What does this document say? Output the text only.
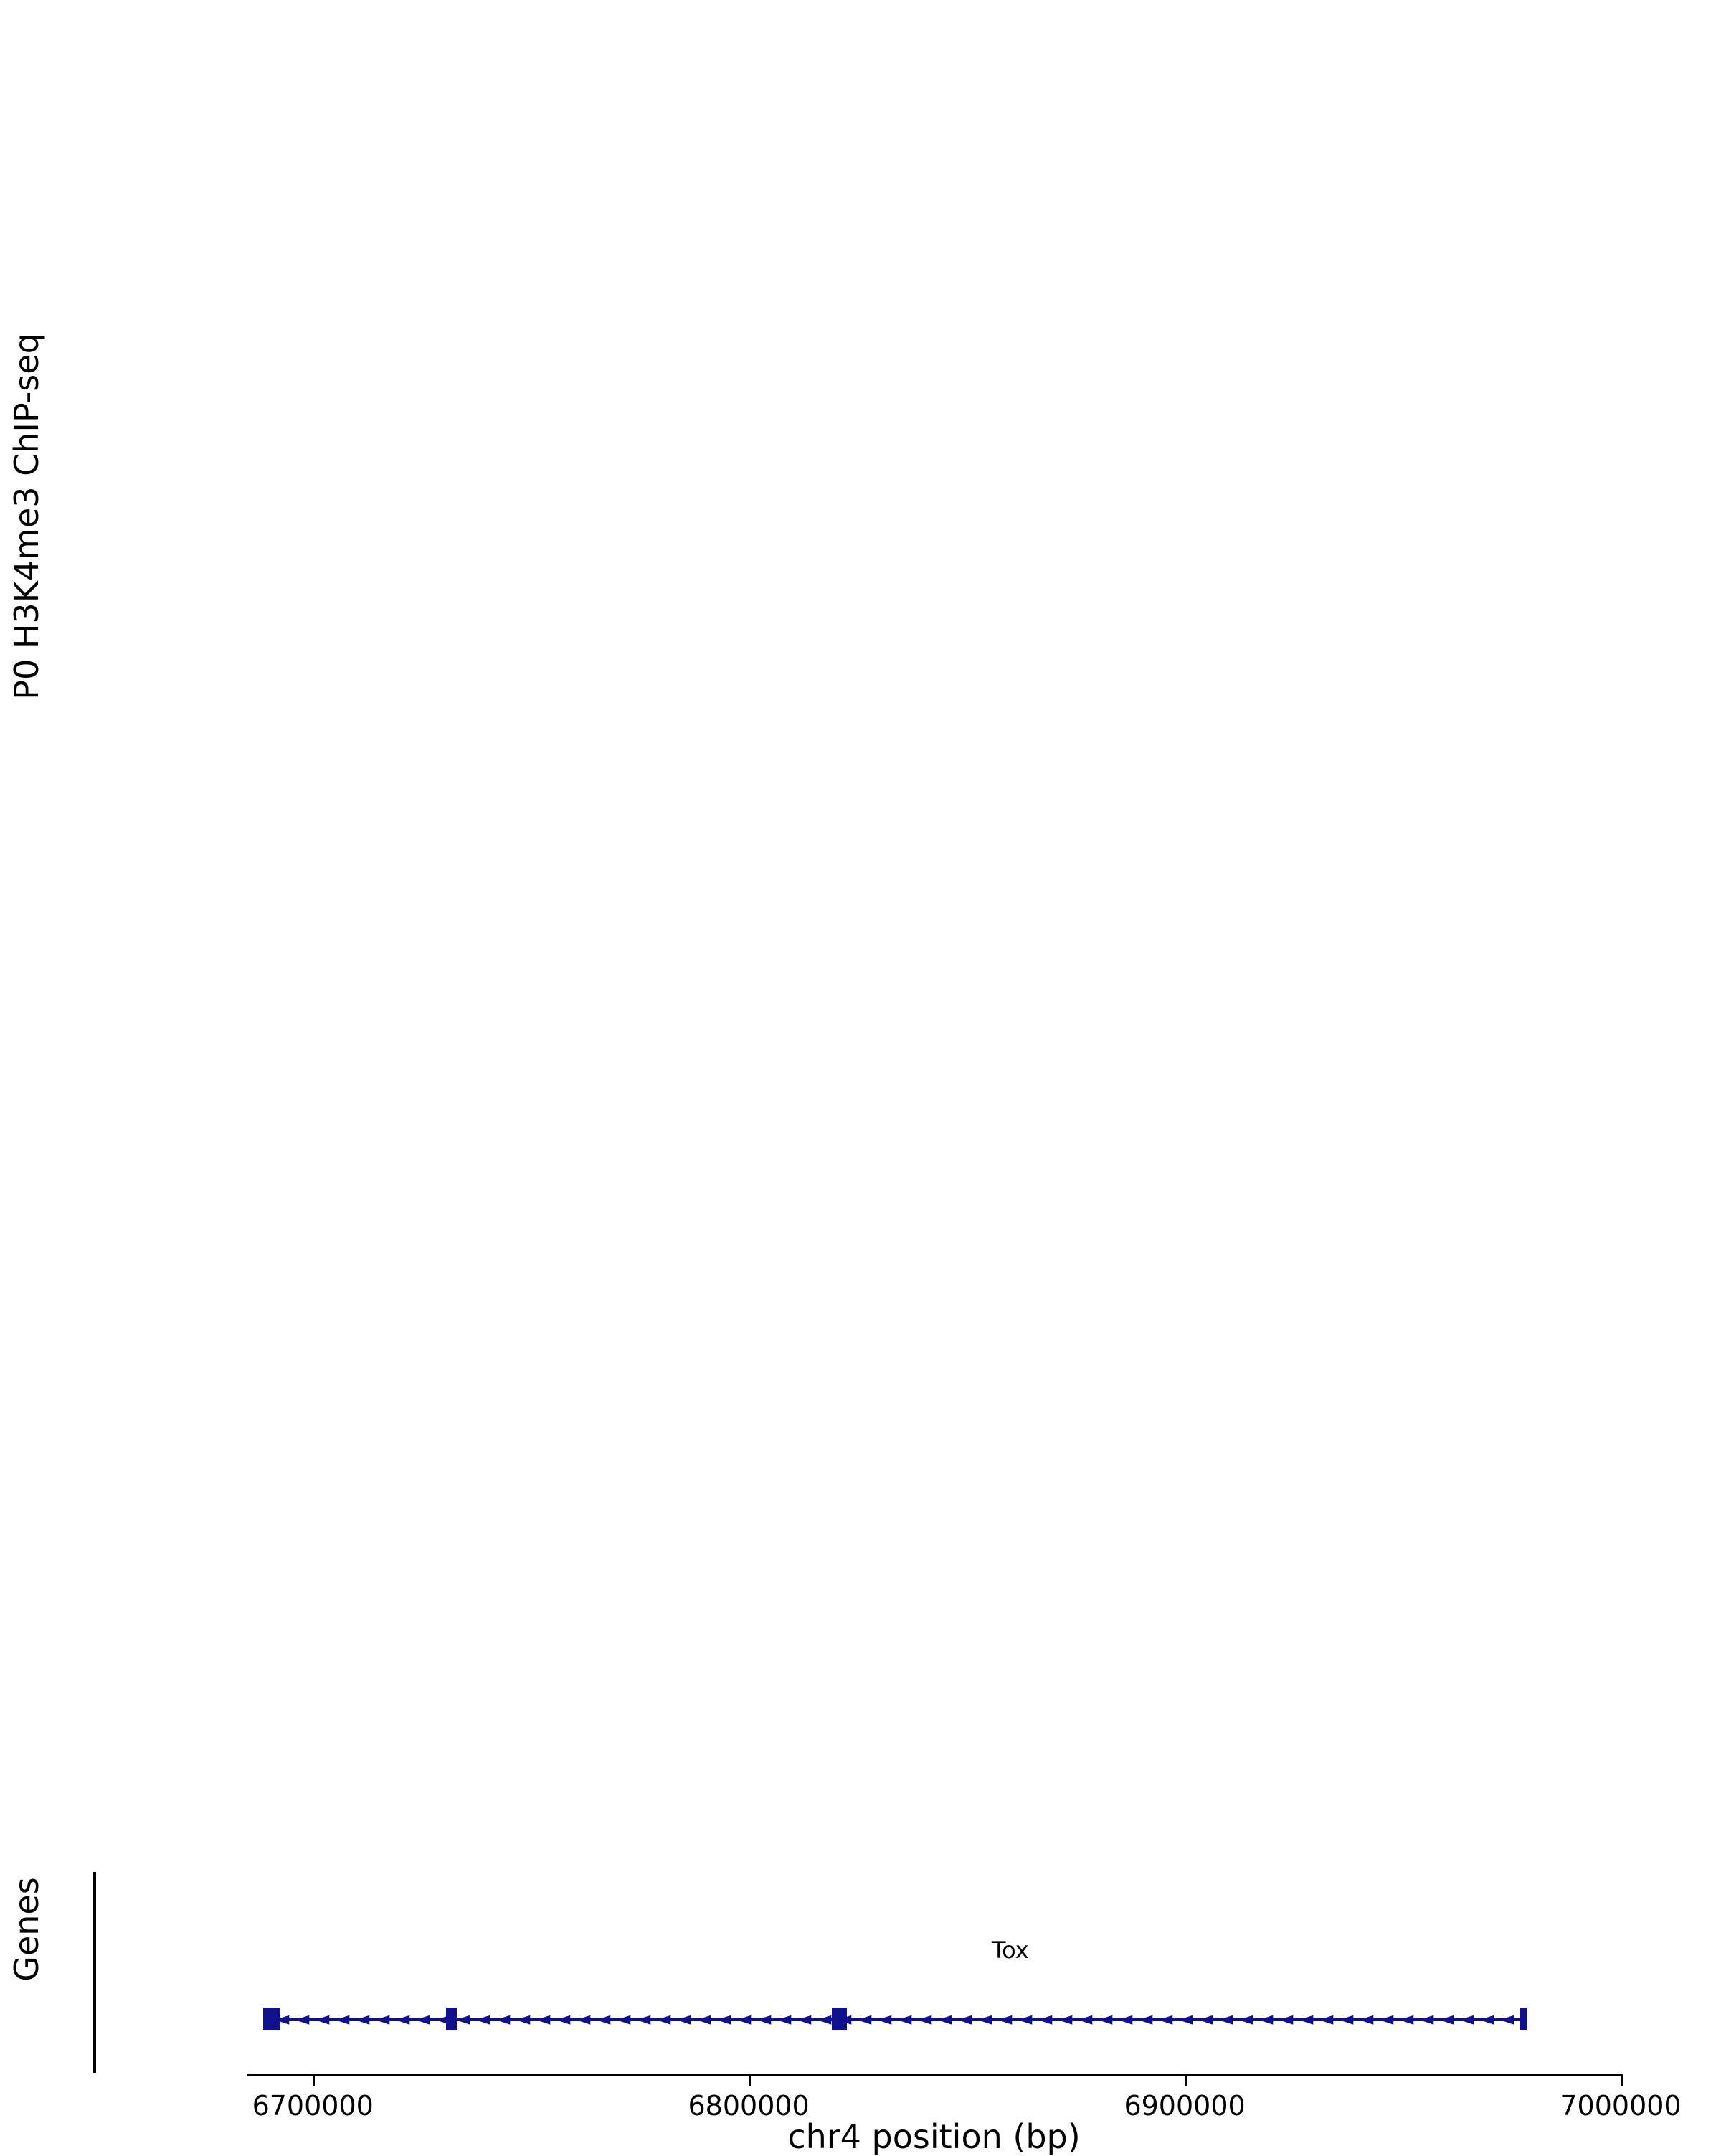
P0 H3K4me3 ChIP-seq
Genes	Tox
◄ ◄ ◄ ◄ ◄ ◄ ◄ ◄ ◄ ◄ ◄ ◄ ◄ ◄ ◄ ◄ ◄ ◄ ◄ ◄ ◄ ◄ ◄ ◄ ◄ ◄ ◄ ◄ ◄ ◄ ◄ ◄ ◄ ◄ ◄ ◄ ◄ ◄ ◄ ◄ ◄ ◄ ◄ ◄ ◄ ◄ ◄ ◄ ◄ ◄ ◄ ◄ ◄ ◄ ◄ ◄ ◄ ◄ ◄ ◄ ◄ ◄
6700000	6800000	6900000	7000000
chr4 position (bp)
